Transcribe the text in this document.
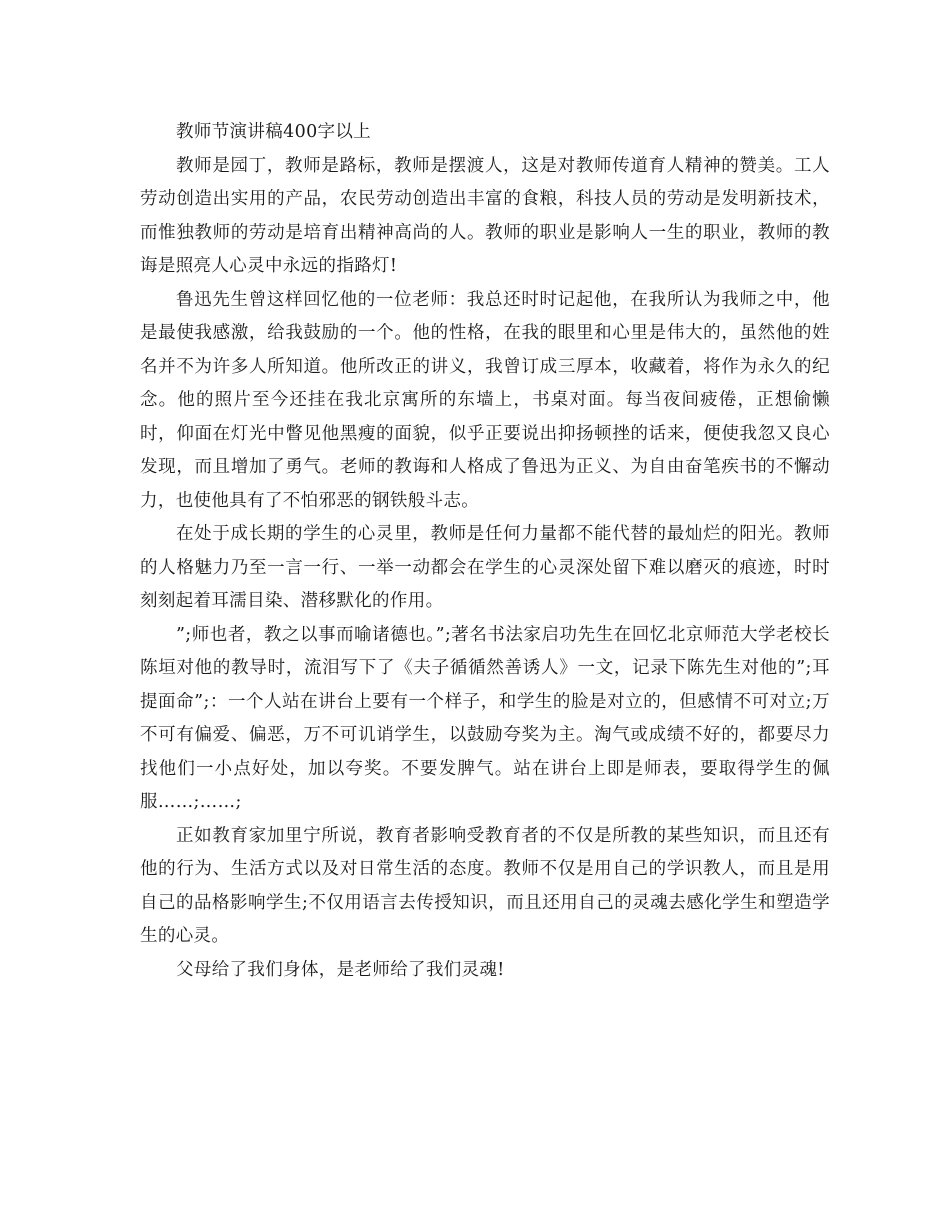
教师节演讲稿400字以上

教师是园丁，教师是路标，教师是摆渡人，这是对教师传道育人精神的赞美。工人劳动创造出实用的产品，农民劳动创造出丰富的食粮，科技人员的劳动是发明新技术，而惟独教师的劳动是培育出精神高尚的人。教师的职业是影响人一生的职业，教师的教诲是照亮人心灵中永远的指路灯!

鲁迅先生曾这样回忆他的一位老师：我总还时时记起他，在我所认为我师之中，他是最使我感激，给我鼓励的一个。他的性格，在我的眼里和心里是伟大的，虽然他的姓名并不为许多人所知道。他所改正的讲义，我曾订成三厚本，收藏着，将作为永久的纪念。他的照片至今还挂在我北京寓所的东墙上，书桌对面。每当夜间疲倦，正想偷懒时，仰面在灯光中瞥见他黑瘦的面貌，似乎正要说出抑扬顿挫的话来，便使我忽又良心发现，而且增加了勇气。老师的教诲和人格成了鲁迅为正义、为自由奋笔疾书的不懈动力，也使他具有了不怕邪恶的钢铁般斗志。

在处于成长期的学生的心灵里，教师是任何力量都不能代替的最灿烂的阳光。教师的人格魅力乃至一言一行、一举一动都会在学生的心灵深处留下难以磨灭的痕迹，时时刻刻起着耳濡目染、潜移默化的作用。

”;师也者，教之以事而喻诸德也。”;著名书法家启功先生在回忆北京师范大学老校长陈垣对他的教导时，流泪写下了《夫子循循然善诱人》一文，记录下陈先生对他的”;耳提面命”;：一个人站在讲台上要有一个样子，和学生的脸是对立的，但感情不可对立;万不可有偏爱、偏恶，万不可讥诮学生，以鼓励夸奖为主。淘气或成绩不好的，都要尽力找他们一小点好处，加以夸奖。不要发脾气。站在讲台上即是师表，要取得学生的佩服……;……;

正如教育家加里宁所说，教育者影响受教育者的不仅是所教的某些知识，而且还有他的行为、生活方式以及对日常生活的态度。教师不仅是用自己的学识教人，而且是用自己的品格影响学生;不仅用语言去传授知识，而且还用自己的灵魂去感化学生和塑造学生的心灵。

父母给了我们身体，是老师给了我们灵魂!
